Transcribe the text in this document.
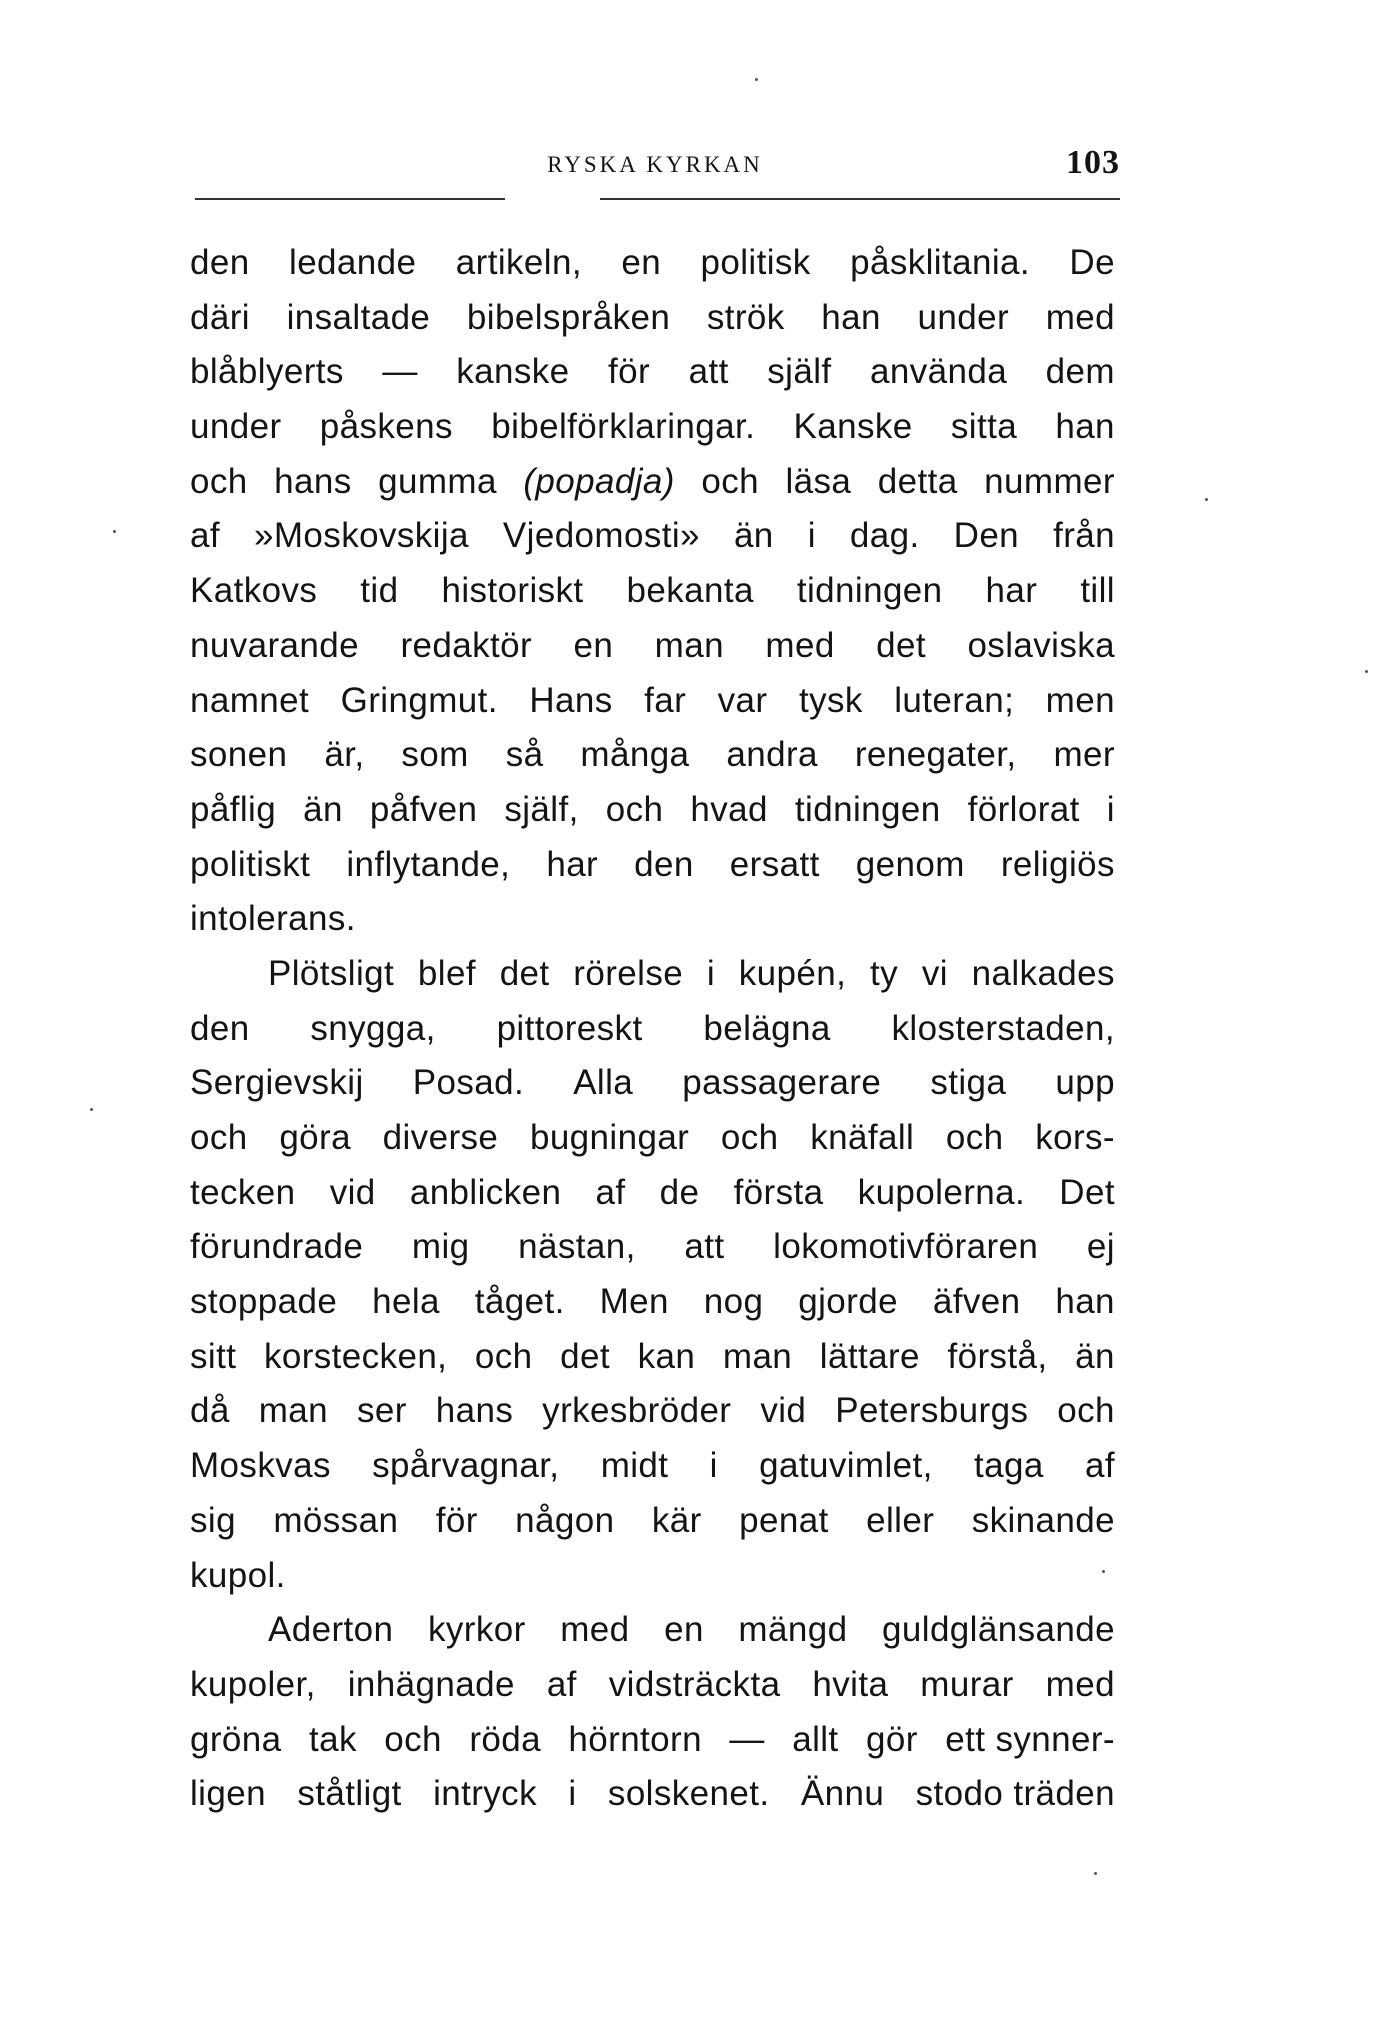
RYSKA KYRKAN	103
den ledande artikeln, en politisk påsklitania. De
däri insaltade bibelspråken strök han under med
blåblyerts — kanske för att själf använda dem
under påskens bibelförklaringar. Kanske sitta han
och hans gumma (popadja) och läsa detta nummer
af »Moskovskija Vjedomosti» än i dag. Den från
Katkovs tid historiskt bekanta tidningen har till
nuvarande redaktör en man med det oslaviska
namnet Gringmut. Hans far var tysk luteran; men
sonen är, som så många andra renegater, mer
påflig än påfven själf, och hvad tidningen förlorat i
politiskt inflytande, har den ersatt genom religiös
intolerans.
Plötsligt blef det rörelse i kupén, ty vi nalkades
den snygga, pittoreskt belägna klosterstaden,
Sergievskij Posad. Alla passagerare stiga upp
och göra diverse bugningar och knäfall och kors-
tecken vid anblicken af de första kupolerna. Det
förundrade mig nästan, att lokomotivföraren ej
stoppade hela tåget. Men nog gjorde äfven han
sitt korstecken, och det kan man lättare förstå, än
då man ser hans yrkesbröder vid Petersburgs och
Moskvas spårvagnar, midt i gatuvimlet, taga af
sig mössan för någon kär penat eller skinande
kupol.
Aderton kyrkor med en mängd guldglänsande
kupoler, inhägnade af vidsträckta hvita murar med
gröna tak och röda hörntorn — allt gör ett synner-
ligen ståtligt intryck i solskenet. Ännu stodo träden
